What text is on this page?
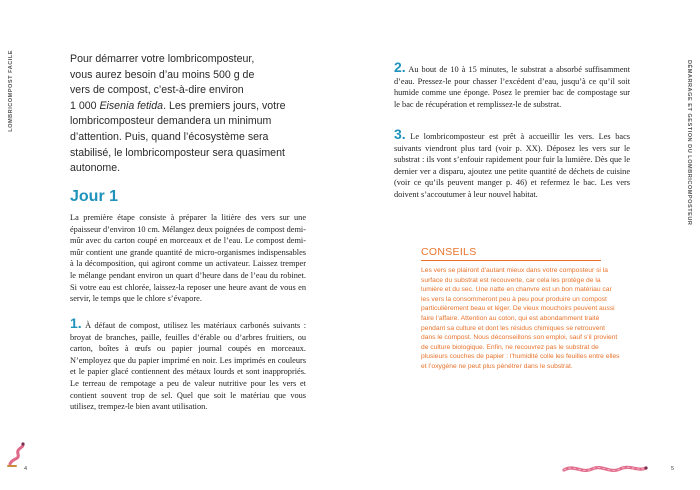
LOMBRICOMPOST FACILE	DÉMARRAGE ET GESTION DU LOMBRICOMPOSTEUR
Pour démarrer votre lombricomposteur,
vous aurez besoin d’au moins 500 g de
vers de compost, c’est-à-dire environ
1 000 Eisenia fetida. Les premiers jours, votre
lombricomposteur demandera un minimum
d’attention. Puis, quand l’écosystème sera
stabilisé, le lombricomposteur sera quasiment
autonome.
Jour 1
La première étape consiste à préparer la litière des vers sur une épaisseur d’environ 10 cm. Mélangez deux poignées de compost demi-mûr avec du carton coupé en morceaux et de l’eau. Le compost demi-mûr contient une grande quantité de micro-organismes indispensables à la décomposition, qui agiront comme un activateur. Laissez tremper le mélange pendant environ un quart d’heure dans de l’eau du robinet. Si votre eau est chlorée, laissez-la reposer une heure avant de vous en servir, le temps que le chlore s’évapore.
1. À défaut de compost, utilisez les matériaux carbonés suivants : broyat de branches, paille, feuilles d’érable ou d’arbres fruitiers, ou carton, boîtes à œufs ou papier journal coupés en morceaux. N’employez que du papier imprimé en noir. Les imprimés en couleurs et le papier glacé contiennent des métaux lourds et sont inappropriés. Le terreau de rempotage a peu de valeur nutritive pour les vers et contient souvent trop de sel. Quel que soit le matériau que vous utilisez, trempez-le bien avant utilisation.
2. Au bout de 10 à 15 minutes, le substrat a absorbé suffisamment d’eau. Pressez-le pour chasser l’excédent d’eau, jusqu’à ce qu’il soit humide comme une éponge. Posez le premier bac de compostage sur le bac de récupération et remplissez-le de substrat.
3. Le lombricomposteur est prêt à accueillir les vers. Les bacs suivants viendront plus tard (voir p. XX). Déposez les vers sur le substrat : ils vont s’enfouir rapidement pour fuir la lumière. Dès que le dernier ver a disparu, ajoutez une petite quantité de déchets de cuisine (voir ce qu’ils peuvent manger p. 46) et refermez le bac. Les vers doivent s’accoutumer à leur nouvel habitat.
CONSEILS
Les vers se plairont d’autant mieux dans votre composteur si la surface du substrat est recouverte, car cela les protège de la lumière et du sec. Une natte en chanvre est un bon matériau car les vers la consommeront peu à peu pour produire un compost particulièrement beau et léger. De vieux mouchoirs peuvent aussi faire l’affaire. Attention au coton, qui est abondamment traité pendant sa culture et dont les résidus chimiques se retrouvent dans le compost. Nous déconseillons son emploi, sauf s’il provient de culture biologique. Enfin, ne recouvrez pas le substrat de plusieurs couches de papier : l’humidité colle les feuilles entre elles et l’oxygène ne peut plus pénétrer dans le substrat.
4	5
